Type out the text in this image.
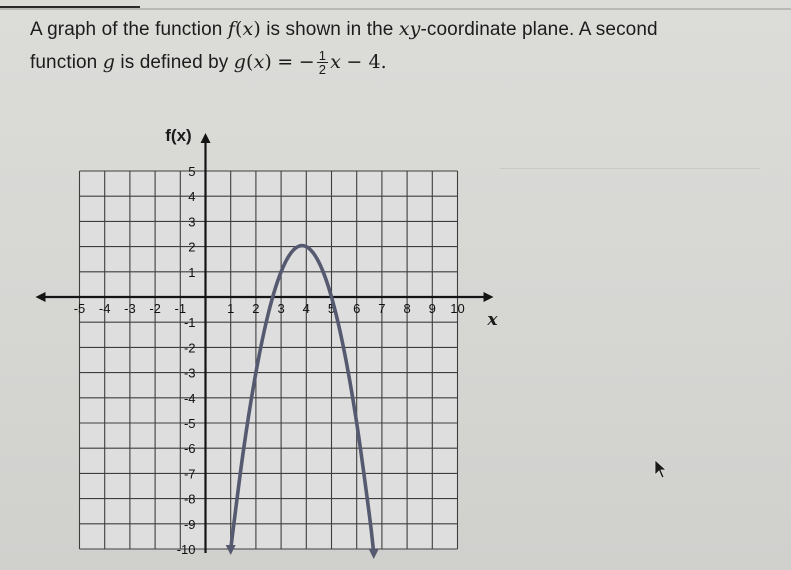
A graph of the function f(x) is shown in the xy-coordinate plane. A second
function g is defined by g(x) = − $\frac{1}{2}$ x − 4.
f(x)
x
-5 -4 -3 -2 -1	1 2 3 4 5 6 7 8 9 10
5
4
3
2
1
-1
-2
-3
-4
-5
-6
-7
-8
-9
-10
